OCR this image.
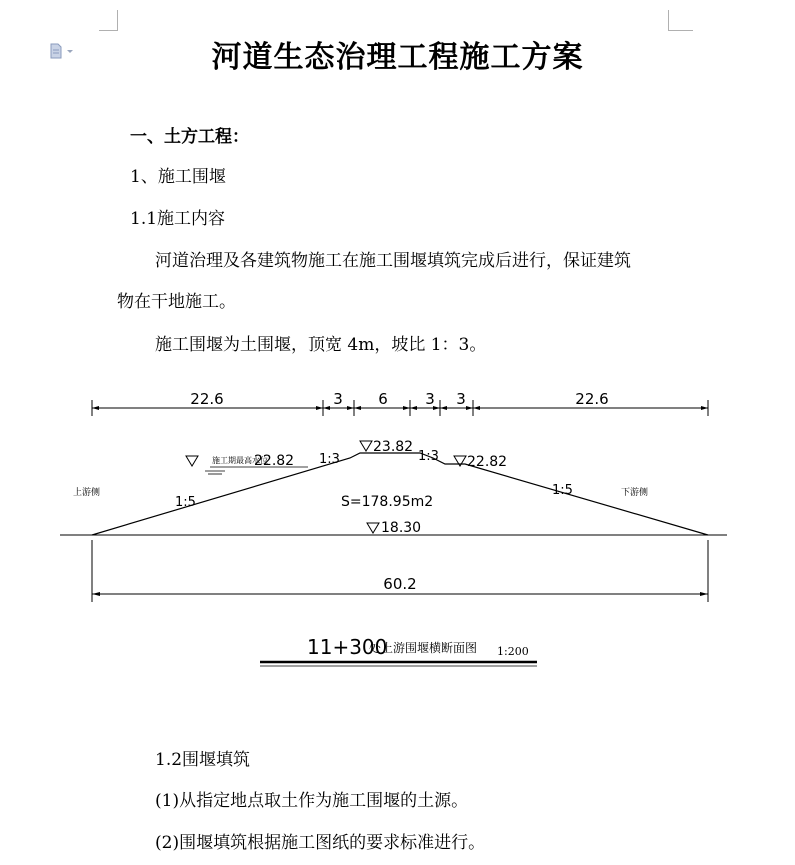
河道生态治理工程施工方案
一、土方工程：
1、施工围堰
1.1施工内容
河道治理及各建筑物施工在施工围堰填筑完成后进行，保证建筑
物在干地施工。
施工围堰为土围堰，顶宽 4m，坡比 1：3。
22.6	3 6 3 3	22.6
施工期最高水位
22.82
23.82
22.82
1:3	1:3
1:5
1:5
上游侧	下游侧
S=178.95m2
18.30
60.2
11+300
处上游围堰横断面图 1:200
1.2围堰填筑
(1)从指定地点取土作为施工围堰的土源。
(2)围堰填筑根据施工图纸的要求标准进行。
